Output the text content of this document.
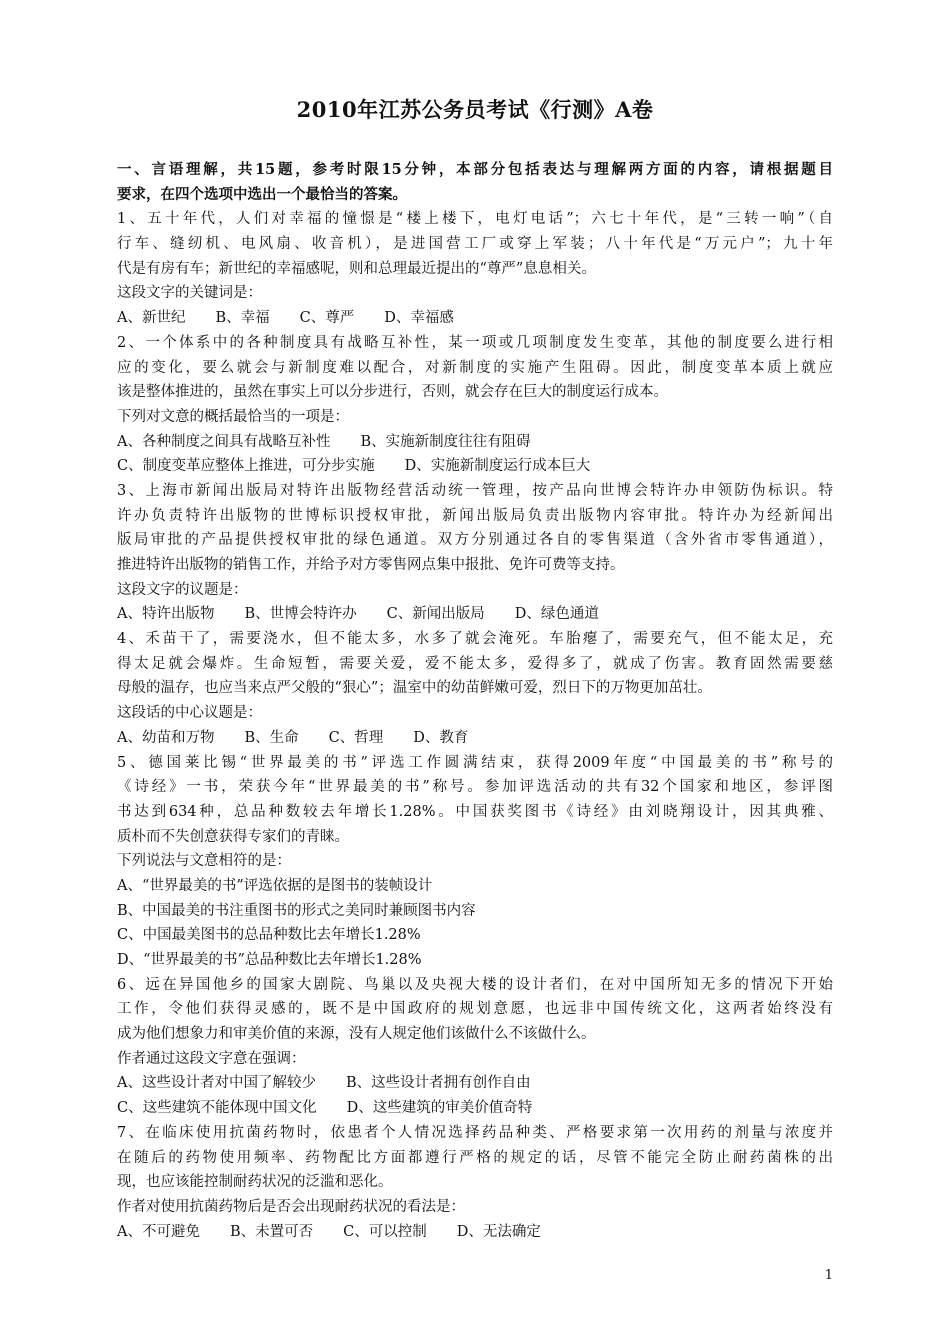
2010年江苏公务员考试《行测》A卷
一、言语理解，共15题，参考时限15分钟，本部分包括表达与理解两方面的内容，请根据题目
要求，在四个选项中选出一个最恰当的答案。
1、五十年代，人们对幸福的憧憬是“楼上楼下，电灯电话”；六七十年代，是“三转一响”（自
行车、缝纫机、电风扇、收音机），是进国营工厂或穿上军装；八十年代是“万元户”；九十年
代是有房有车；新世纪的幸福感呢，则和总理最近提出的“尊严”息息相关。
这段文字的关键词是：
A、新世纪 B、幸福 C、尊严 D、幸福感
2、一个体系中的各种制度具有战略互补性，某一项或几项制度发生变革，其他的制度要么进行相
应的变化，要么就会与新制度难以配合，对新制度的实施产生阻碍。因此，制度变革本质上就应
该是整体推进的，虽然在事实上可以分步进行，否则，就会存在巨大的制度运行成本。
下列对文意的概括最恰当的一项是：
A、各种制度之间具有战略互补性 B、实施新制度往往有阻碍
C、制度变革应整体上推进，可分步实施 D、实施新制度运行成本巨大
3、上海市新闻出版局对特许出版物经营活动统一管理，按产品向世博会特许办申领防伪标识。特
许办负责特许出版物的世博标识授权审批，新闻出版局负责出版物内容审批。特许办为经新闻出
版局审批的产品提供授权审批的绿色通道。双方分别通过各自的零售渠道（含外省市零售通道），
推进特许出版物的销售工作，并给予对方零售网点集中报批、免许可费等支持。
这段文字的议题是：
A、特许出版物 B、世博会特许办 C、新闻出版局 D、绿色通道
4、禾苗干了，需要浇水，但不能太多，水多了就会淹死。车胎瘪了，需要充气，但不能太足，充
得太足就会爆炸。生命短暂，需要关爱，爱不能太多，爱得多了，就成了伤害。教育固然需要慈
母般的温存，也应当来点严父般的“狠心”；温室中的幼苗鲜嫩可爱，烈日下的万物更加茁壮。
这段话的中心议题是：
A、幼苗和万物 B、生命 C、哲理 D、教育
5、德国莱比锡“世界最美的书”评选工作圆满结束，获得2009年度“中国最美的书”称号的
《诗经》一书，荣获今年“世界最美的书”称号。参加评选活动的共有32个国家和地区，参评图
书达到634种，总品种数较去年增长1.28%。中国获奖图书《诗经》由刘晓翔设计，因其典雅、
质朴而不失创意获得专家们的青睐。
下列说法与文意相符的是：
A、“世界最美的书”评选依据的是图书的装帧设计
B、中国最美的书注重图书的形式之美同时兼顾图书内容
C、中国最美图书的总品种数比去年增长1.28%
D、“世界最美的书”总品种数比去年增长1.28%
6、远在异国他乡的国家大剧院、鸟巢以及央视大楼的设计者们，在对中国所知无多的情况下开始
工作，令他们获得灵感的，既不是中国政府的规划意愿，也远非中国传统文化，这两者始终没有
成为他们想象力和审美价值的来源，没有人规定他们该做什么不该做什么。
作者通过这段文字意在强调：
A、这些设计者对中国了解较少 B、这些设计者拥有创作自由
C、这些建筑不能体现中国文化 D、这些建筑的审美价值奇特
7、在临床使用抗菌药物时，依患者个人情况选择药品种类、严格要求第一次用药的剂量与浓度并
在随后的药物使用频率、药物配比方面都遵行严格的规定的话，尽管不能完全防止耐药菌株的出
现，也应该能控制耐药状况的泛滥和恶化。
作者对使用抗菌药物后是否会出现耐药状况的看法是：
A、不可避免 B、未置可否 C、可以控制 D、无法确定
1
